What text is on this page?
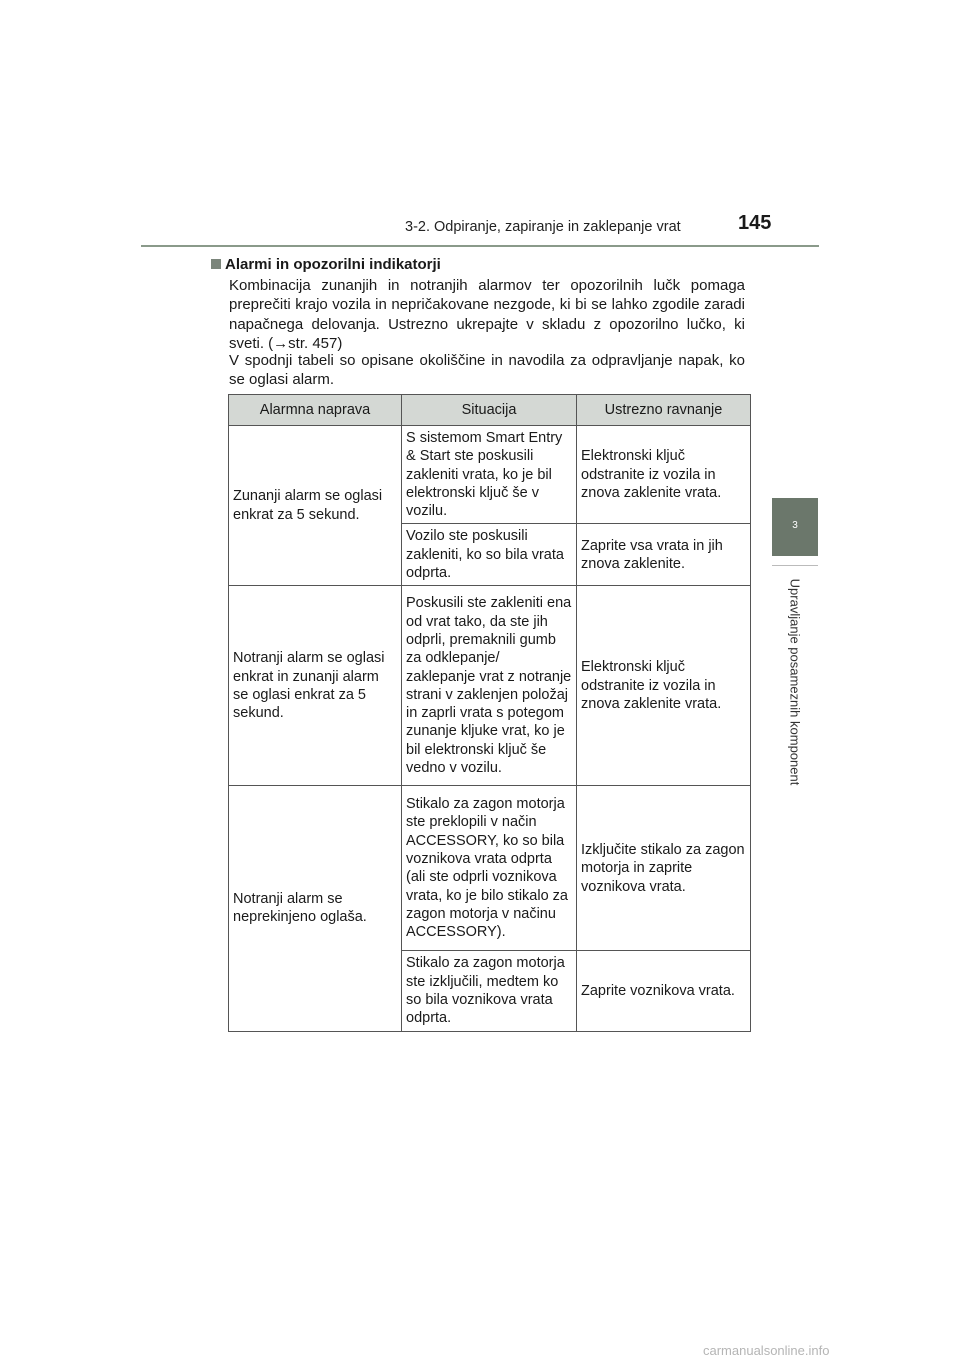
3-2. Odpiranje, zapiranje in zaklepanje vrat	145
3
Upravljanje posameznih komponent
Alarmi in opozorilni indikatorji
Kombinacija zunanjih in notranjih alarmov ter opozorilnih lučk pomaga preprečiti krajo vozila in nepričakovane nezgode, ki bi se lahko zgodile zaradi napačnega delovanja. Ustrezno ukrepajte v skladu z opozorilno lučko, ki sveti. (→str. 457)
V spodnji tabeli so opisane okoliščine in navodila za odpravljanje napak, ko se oglasi alarm.
Alarmna naprava	Situacija	Ustrezno ravnanje
Zunanji alarm se oglasi enkrat za 5 sekund.	S sistemom Smart Entry & Start ste poskusili zakleniti vrata, ko je bil elektronski ključ še v vozilu.	Elektronski ključ odstranite iz vozila in znova zaklenite vrata.
	Vozilo ste poskusili zakleniti, ko so bila vrata odprta.	Zaprite vsa vrata in jih znova zaklenite.
Notranji alarm se oglasi enkrat in zunanji alarm se oglasi enkrat za 5 sekund.	Poskusili ste zakleniti ena od vrat tako, da ste jih odprli, premaknili gumb za odklepanje/ zaklepanje vrat z notranje strani v zaklenjen položaj in zaprli vrata s potegom zunanje kljuke vrat, ko je bil elektronski ključ še vedno v vozilu.	Elektronski ključ odstranite iz vozila in znova zaklenite vrata.
Notranji alarm se neprekinjeno oglaša.	Stikalo za zagon motorja ste preklopili v način ACCESSORY, ko so bila voznikova vrata odprta (ali ste odprli voznikova vrata, ko je bilo stikalo za zagon motorja v načinu ACCESSORY).	Izključite stikalo za zagon motorja in zaprite voznikova vrata.
	Stikalo za zagon motorja ste izključili, medtem ko so bila voznikova vrata odprta.	Zaprite voznikova vrata.
carmanualsonline.info
